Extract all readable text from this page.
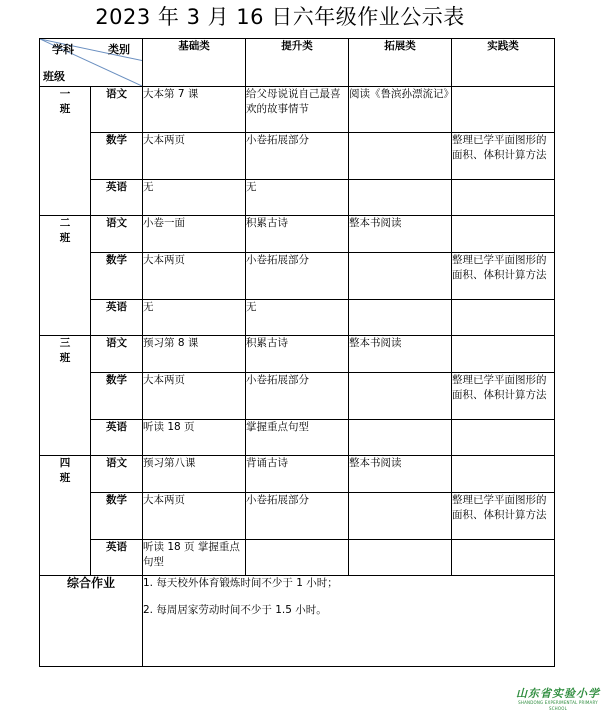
2023 年 3 月 16 日六年级作业公示表
学科 类别
班级		基础类	提升类	拓展类	实践类
一
班	语文	大本第 7 课	给父母说说自己最喜欢的故事情节	阅读《鲁滨孙漂流记》	
	数学	大本两页	小卷拓展部分		整理已学平面图形的面积、体积计算方法
	英语	无	无		
二
班	语文	小卷一面	积累古诗	整本书阅读	
	数学	大本两页	小卷拓展部分		整理已学平面图形的面积、体积计算方法
	英语	无	无		
三
班	语文	预习第 8 课	积累古诗	整本书阅读	
	数学	大本两页	小卷拓展部分		整理已学平面图形的面积、体积计算方法
	英语	听读 18 页	掌握重点句型		
四
班	语文	预习第八课	背诵古诗	整本书阅读	
	数学	大本两页	小卷拓展部分		整理已学平面图形的面积、体积计算方法
	英语	听读 18 页 掌握重点句型			
综合作业		1. 每天校外体育锻炼时间不少于 1 小时；
2. 每周居家劳动时间不少于 1.5 小时。			
山东省实验小学
SHANDONG EXPERIMENTAL PRIMARY SCHOOL
